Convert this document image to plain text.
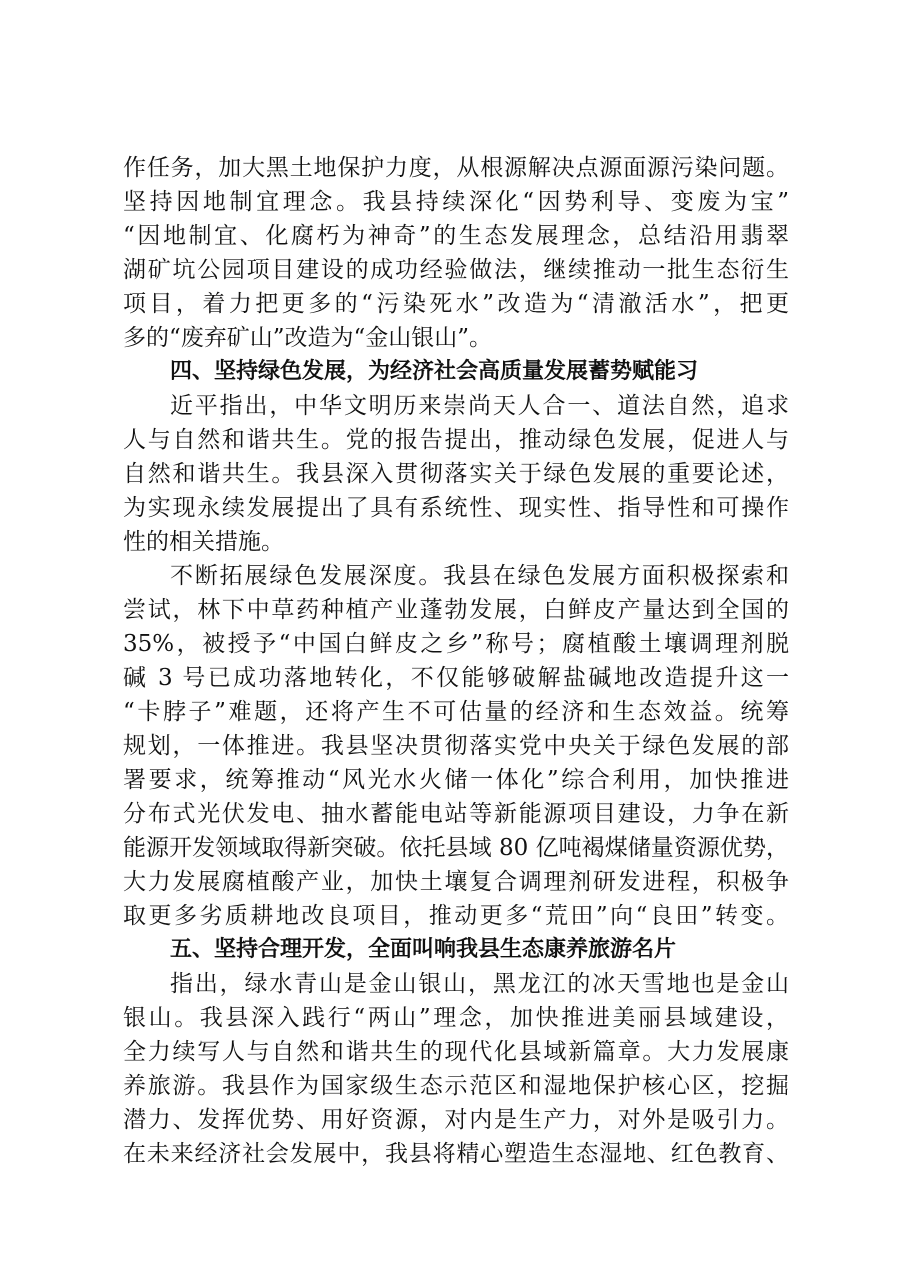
作任务，加大黑土地保护力度，从根源解决点源面源污染问题。
坚持因地制宜理念。我县持续深化“因势利导、变废为宝”
“因地制宜、化腐朽为神奇”的生态发展理念，总结沿用翡翠
湖矿坑公园项目建设的成功经验做法，继续推动一批生态衍生
项目，着力把更多的“污染死水”改造为“清澈活水”，把更
多的“废弃矿山”改造为“金山银山”。
四、坚持绿色发展，为经济社会高质量发展蓄势赋能习
近平指出，中华文明历来崇尚天人合一、道法自然，追求
人与自然和谐共生。党的报告提出，推动绿色发展，促进人与
自然和谐共生。我县深入贯彻落实关于绿色发展的重要论述，
为实现永续发展提出了具有系统性、现实性、指导性和可操作
性的相关措施。
不断拓展绿色发展深度。我县在绿色发展方面积极探索和
尝试，林下中草药种植产业蓬勃发展，白鲜皮产量达到全国的
35%，被授予“中国白鲜皮之乡”称号；腐植酸土壤调理剂脱
碱 3 号已成功落地转化，不仅能够破解盐碱地改造提升这一
“卡脖子”难题，还将产生不可估量的经济和生态效益。统筹
规划，一体推进。我县坚决贯彻落实党中央关于绿色发展的部
署要求，统筹推动“风光水火储一体化”综合利用，加快推进
分布式光伏发电、抽水蓄能电站等新能源项目建设，力争在新
能源开发领域取得新突破。依托县域 80 亿吨褐煤储量资源优势，
大力发展腐植酸产业，加快土壤复合调理剂研发进程，积极争
取更多劣质耕地改良项目，推动更多“荒田”向“良田”转变。
五、坚持合理开发，全面叫响我县生态康养旅游名片
指出，绿水青山是金山银山，黑龙江的冰天雪地也是金山
银山。我县深入践行“两山”理念，加快推进美丽县域建设，
全力续写人与自然和谐共生的现代化县域新篇章。大力发展康
养旅游。我县作为国家级生态示范区和湿地保护核心区，挖掘
潜力、发挥优势、用好资源，对内是生产力，对外是吸引力。
在未来经济社会发展中，我县将精心塑造生态湿地、红色教育、
